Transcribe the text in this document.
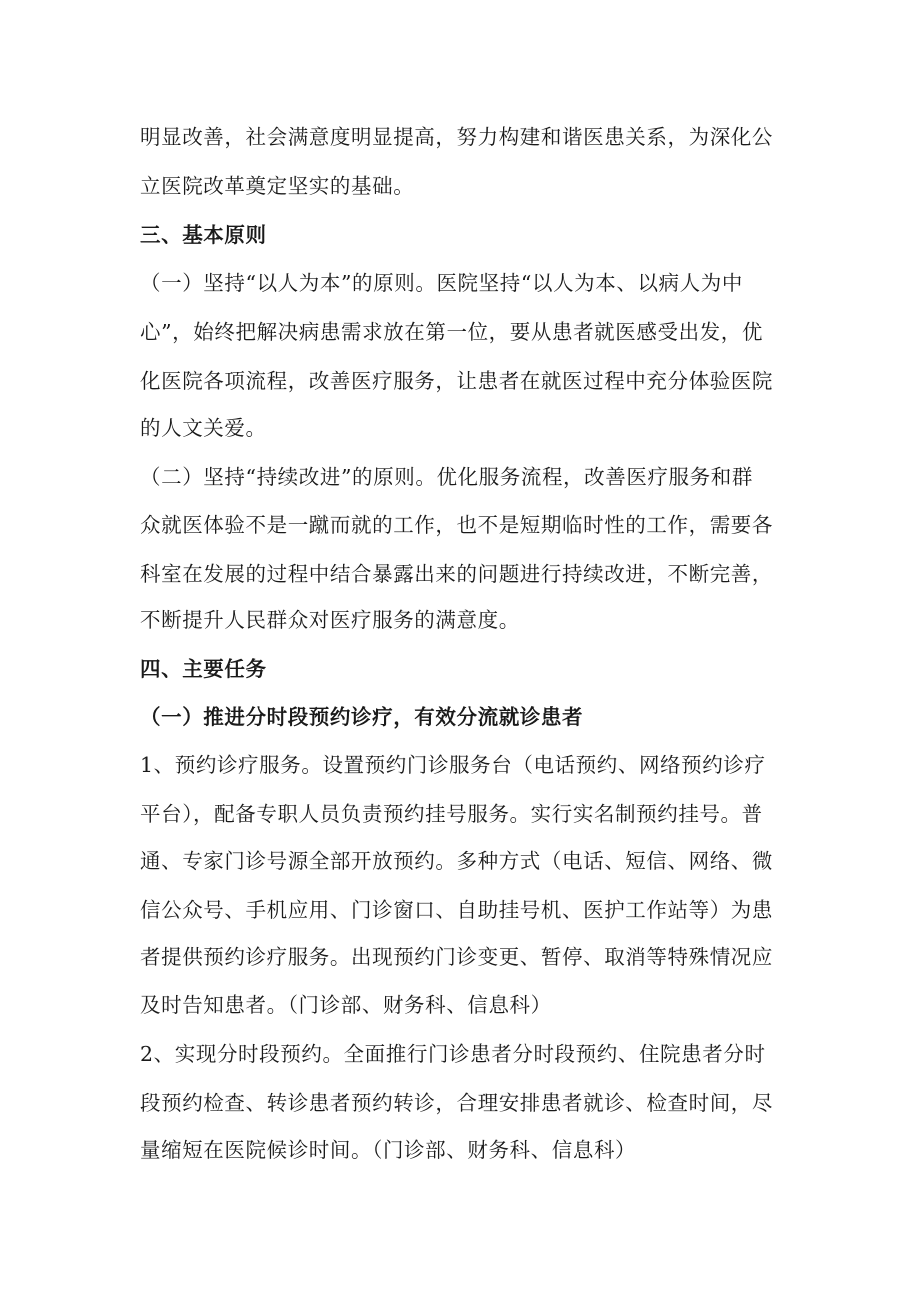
明显改善，社会满意度明显提高，努力构建和谐医患关系，为深化公
立医院改革奠定坚实的基础。
三、基本原则
（一）坚持“以人为本”的原则。医院坚持“以人为本、以病人为中
心”，始终把解决病患需求放在第一位，要从患者就医感受出发，优
化医院各项流程，改善医疗服务，让患者在就医过程中充分体验医院
的人文关爱。
（二）坚持“持续改进”的原则。优化服务流程，改善医疗服务和群
众就医体验不是一蹴而就的工作，也不是短期临时性的工作，需要各
科室在发展的过程中结合暴露出来的问题进行持续改进，不断完善，
不断提升人民群众对医疗服务的满意度。
四、主要任务
（一）推进分时段预约诊疗，有效分流就诊患者
1、预约诊疗服务。设置预约门诊服务台（电话预约、网络预约诊疗
平台），配备专职人员负责预约挂号服务。实行实名制预约挂号。普
通、专家门诊号源全部开放预约。多种方式（电话、短信、网络、微
信公众号、手机应用、门诊窗口、自助挂号机、医护工作站等）为患
者提供预约诊疗服务。出现预约门诊变更、暂停、取消等特殊情况应
及时告知患者。（门诊部、财务科、信息科）
2、实现分时段预约。全面推行门诊患者分时段预约、住院患者分时
段预约检查、转诊患者预约转诊，合理安排患者就诊、检查时间，尽
量缩短在医院候诊时间。（门诊部、财务科、信息科）
